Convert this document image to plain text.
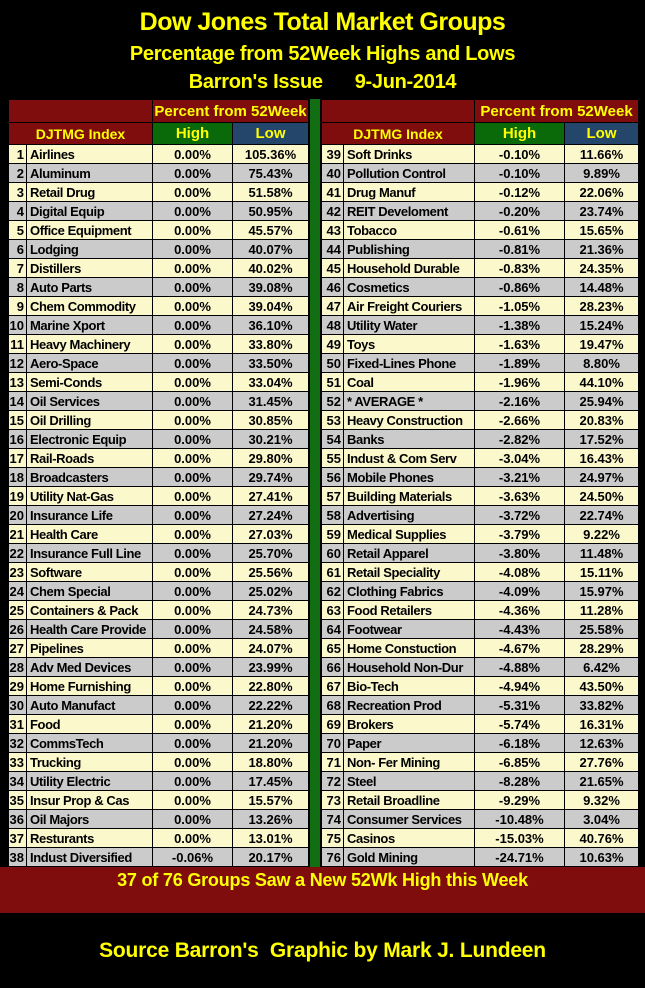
Dow Jones Total Market Groups
Percentage from 52Week Highs and Lows
Barron's Issue 9-Jun-2014
		Percent from 52Week	
DJTMG Index		High	Low
1	Airlines	0.00%	105.36%
2	Aluminum	0.00%	75.43%
3	Retail Drug	0.00%	51.58%
4	Digital Equip	0.00%	50.95%
5	Office Equipment	0.00%	45.57%
6	Lodging	0.00%	40.07%
7	Distillers	0.00%	40.02%
8	Auto Parts	0.00%	39.08%
9	Chem Commodity	0.00%	39.04%
10	Marine Xport	0.00%	36.10%
11	Heavy Machinery	0.00%	33.80%
12	Aero-Space	0.00%	33.50%
13	Semi-Conds	0.00%	33.04%
14	Oil Services	0.00%	31.45%
15	Oil Drilling	0.00%	30.85%
16	Electronic Equip	0.00%	30.21%
17	Rail-Roads	0.00%	29.80%
18	Broadcasters	0.00%	29.74%
19	Utility Nat-Gas	0.00%	27.41%
20	Insurance Life	0.00%	27.24%
21	Health Care	0.00%	27.03%
22	Insurance Full Line	0.00%	25.70%
23	Software	0.00%	25.56%
24	Chem Special	0.00%	25.02%
25	Containers & Pack	0.00%	24.73%
26	Health Care Provide	0.00%	24.58%
27	Pipelines	0.00%	24.07%
28	Adv Med Devices	0.00%	23.99%
29	Home Furnishing	0.00%	22.80%
30	Auto Manufact	0.00%	22.22%
31	Food	0.00%	21.20%
32	CommsTech	0.00%	21.20%
33	Trucking	0.00%	18.80%
34	Utility Electric	0.00%	17.45%
35	Insur Prop & Cas	0.00%	15.57%
36	Oil Majors	0.00%	13.26%
37	Resturants	0.00%	13.01%
38	Indust Diversified	-0.06%	20.17%
		Percent from 52Week	
DJTMG Index		High	Low
39	Soft Drinks	-0.10%	11.66%
40	Pollution Control	-0.10%	9.89%
41	Drug Manuf	-0.12%	22.06%
42	REIT Develoment	-0.20%	23.74%
43	Tobacco	-0.61%	15.65%
44	Publishing	-0.81%	21.36%
45	Household Durable	-0.83%	24.35%
46	Cosmetics	-0.86%	14.48%
47	Air Freight Couriers	-1.05%	28.23%
48	Utility Water	-1.38%	15.24%
49	Toys	-1.63%	19.47%
50	Fixed-Lines Phone	-1.89%	8.80%
51	Coal	-1.96%	44.10%
52	* AVERAGE *	-2.16%	25.94%
53	Heavy Construction	-2.66%	20.83%
54	Banks	-2.82%	17.52%
55	Indust & Com Serv	-3.04%	16.43%
56	Mobile Phones	-3.21%	24.97%
57	Building Materials	-3.63%	24.50%
58	Advertising	-3.72%	22.74%
59	Medical Supplies	-3.79%	9.22%
60	Retail Apparel	-3.80%	11.48%
61	Retail Speciality	-4.08%	15.11%
62	Clothing Fabrics	-4.09%	15.97%
63	Food Retailers	-4.36%	11.28%
64	Footwear	-4.43%	25.58%
65	Home Constuction	-4.67%	28.29%
66	Household Non-Dur	-4.88%	6.42%
67	Bio-Tech	-4.94%	43.50%
68	Recreation Prod	-5.31%	33.82%
69	Brokers	-5.74%	16.31%
70	Paper	-6.18%	12.63%
71	Non- Fer Mining	-6.85%	27.76%
72	Steel	-8.28%	21.65%
73	Retail Broadline	-9.29%	9.32%
74	Consumer Services	-10.48%	3.04%
75	Casinos	-15.03%	40.76%
76	Gold Mining	-24.71%	10.63%
37 of 76 Groups Saw a New 52Wk High this Week
Source Barron's  Graphic by Mark J. Lundeen
